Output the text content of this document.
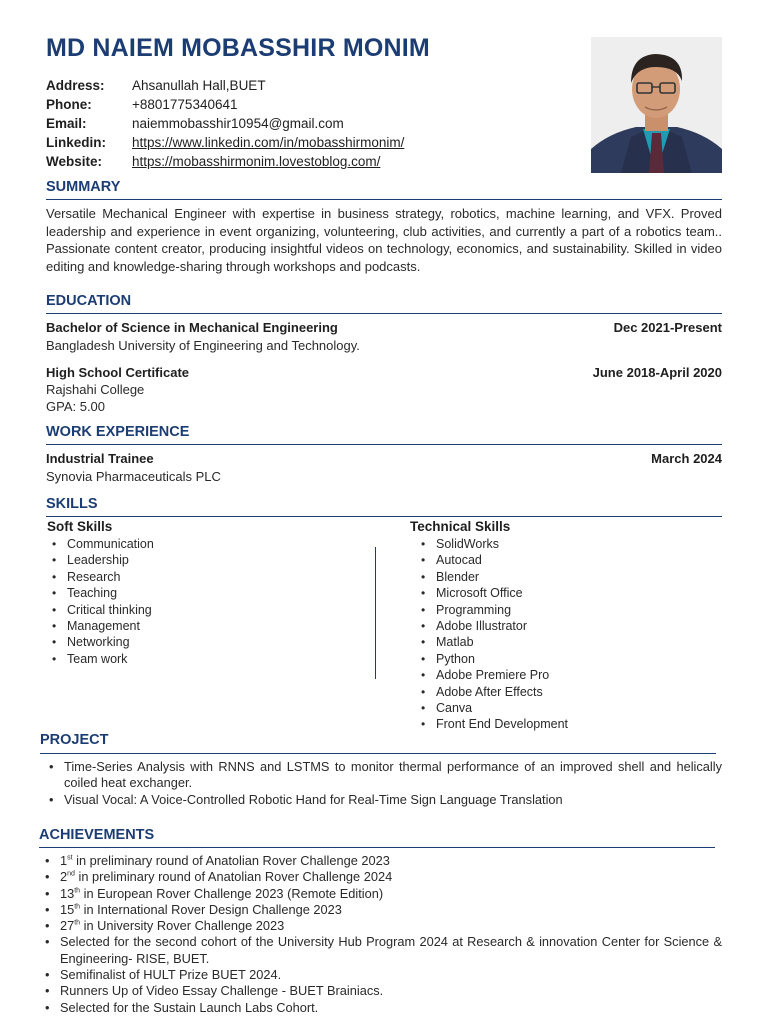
MD NAIEM MOBASSHIR MONIM
Address:	Ahsanullah Hall,BUET
Phone:	+8801775340641
Email:	naiemmobasshir10954@gmail.com
Linkedin:	https://www.linkedin.com/in/mobasshirmonim/
Website:	https://mobasshirmonim.lovestoblog.com/
SUMMARY

Versatile Mechanical Engineer with expertise in business strategy, robotics, machine learning, and VFX. Proved leadership and experience in event organizing, volunteering, club activities, and currently a part of a robotics team.. Passionate content creator, producing insightful videos on technology, economics, and sustainability. Skilled in video editing and knowledge-sharing through workshops and podcasts.

EDUCATION
Bachelor of Science in Mechanical Engineering	Dec 2021-Present
Bangladesh University of Engineering and Technology.
High School Certificate	June 2018-April 2020
Rajshahi College
GPA: 5.00
WORK EXPERIENCE
Industrial Trainee	March 2024
Synovia Pharmaceuticals PLC
SKILLS
Soft Skills	Technical Skills
• Communication
• Leadership
• Research
• Teaching
• Critical thinking
• Management
• Networking
• Team work
• SolidWorks
• Autocad
• Blender
• Microsoft Office
• Programming
• Adobe Illustrator
• Matlab
• Python
• Adobe Premiere Pro
• Adobe After Effects
• Canva
• Front End Development
PROJECT
• Time-Series Analysis with RNNS and LSTMS to monitor thermal performance of an improved shell and helically coiled heat exchanger.
• Visual Vocal: A Voice-Controlled Robotic Hand for Real-Time Sign Language Translation
ACHIEVEMENTS
• 1st in preliminary round of Anatolian Rover Challenge 2023
• 2nd in preliminary round of Anatolian Rover Challenge 2024
• 13th in European Rover Challenge 2023 (Remote Edition)
• 15th in International Rover Design Challenge 2023
• 27th in University Rover Challenge 2023
• Selected for the second cohort of the University Hub Program 2024 at Research & innovation Center for Science & Engineering- RISE, BUET.
• Semifinalist of HULT Prize BUET 2024.
• Runners Up of Video Essay Challenge - BUET Brainiacs.
• Selected for the Sustain Launch Labs Cohort.
